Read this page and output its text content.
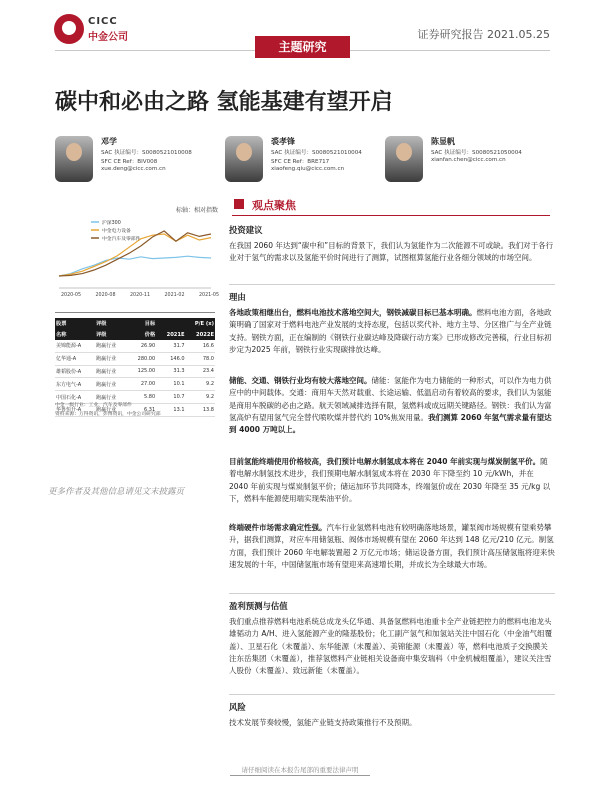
CICC
中金公司	证券研究报告 2021.05.25
主题研究
碳中和必由之路 氢能基建有望开启
邓学
SAC 执证编号：S0080521010008
SFC CE Ref：BIV008
xue.deng@cicc.com.cn
裘孝锋
SAC 执证编号：S0080521010004
SFC CE Ref：BRE717
xiaofeng.qiu@cicc.com.cn
陈显帆
SAC 执证编号：S0080521050004
xianfan.chen@cicc.com.cn
标轴：相对指数
沪深300
中金电力设备
中金汽车及零部件
2020-05	2020-08	2020-11	2021-02	2021-05
股票	评级	目标	P/E (x)	
名称	评级	价格	2021E	2022E
美锦能源-A	跑赢行业	26.90	31.7	16.6
亿华通-A	跑赢行业	280.00	146.0	78.0
雄韬股份-A	跑赢行业	125.00	31.3	23.4
东方电气-A	跑赢行业	27.00	10.1	9.2
中国石化-A	跑赢行业	5.80	10.7	9.2
华鲁恒升-A	跑赢行业	6.31	13.1	13.8
中金一级行业：工业、汽车及零部件
资料来源：万得资讯，彭博资讯，中金公司研究部
更多作者及其他信息请见文末披露页
观点聚焦
投资建议
在我国 2060 年达到“碳中和”目标的背景下，我们认为氢能作为二次能源不可或缺。我们对于各行业对于氢气的需求以及氢能平价时间进行了测算，试图框算氢能行业各细分领域的市场空间。
理由
各地政策相继出台，燃料电池技术落地空间大，钢铁减碳目标已基本明确。燃料电池方面，各地政策明确了国家对于燃料电池产业发展的支持态度，包括以奖代补、地方主导、分区推广与全产业链支持。钢铁方面，正在编制的《钢铁行业碳达峰及降碳行动方案》已形成修改完善稿，行业目标初步定为2025 年前，钢铁行业实现碳排放达峰。
储能、交通、钢铁行业均有较大落地空间。储能：氢能作为电力储能的一种形式，可以作为电力供应中的中间载体。交通：商用车天然对载重、长途运输、低温启动有着较高的要求，我们认为氢能是商用车脱碳的必由之路。航天领域减排选择有限，氢燃料或成远期关键路径。钢铁：我们认为富氢高炉有望用氢气完全替代喷吹煤并替代约 10%焦炭用量。我们测算 2060 年氢气需求量有望达到 4000 万吨以上。
目前氢能终端使用价格较高，我们预计电解水制氢成本将在 2040 年前实现与煤炭制氢平价。随着电解水制氢技术进步，我们预期电解水制氢成本将在 2030 年下降至约 10 元/kWh，并在 2040 年前实现与煤炭制氢平价；储运加环节共同降本，终端氢价或在 2030 年降至 35 元/kg 以下，燃料车能源使用端实现柴油平价。
终端硬件市场需求确定性强。汽车行业氢燃料电池有较明确落地场景，罐泵阀市场规模有望乘势攀升，据我们测算，对应车用储氢瓶、阀体市场规模有望在 2060 年达到 148 亿元/210 亿元。制氢方面，我们预计 2060 年电解装置超 2 万亿元市场；储运设备方面，我们预计高压储氢瓶将迎来快速发展的十年，中国储氢瓶市场有望迎来高速增长期，并成长为全球最大市场。
盈利预测与估值
我们重点推荐燃料电池系统总成龙头亿华通、具备氢燃料电池重卡全产业链把控力的燃料电池龙头雄韬动力 A/H、进入氢能源产业的隆基股份；化工副产氢气和加氢站关注中国石化（中金油气组覆盖）、卫星石化（未覆盖）、东华能源（未覆盖）、美锦能源（未覆盖）等，燃料电池质子交换膜关注东岳集团（未覆盖），推荐氢燃料产业链相关设备商中集安瑞科（中金机械组覆盖），建议关注雪人股份（未覆盖）、致远新能（未覆盖）。
风险
技术发展节奏较慢，氢能产业链支持政策推行不及预期。
请仔细阅读在本报告尾部的重要法律声明
